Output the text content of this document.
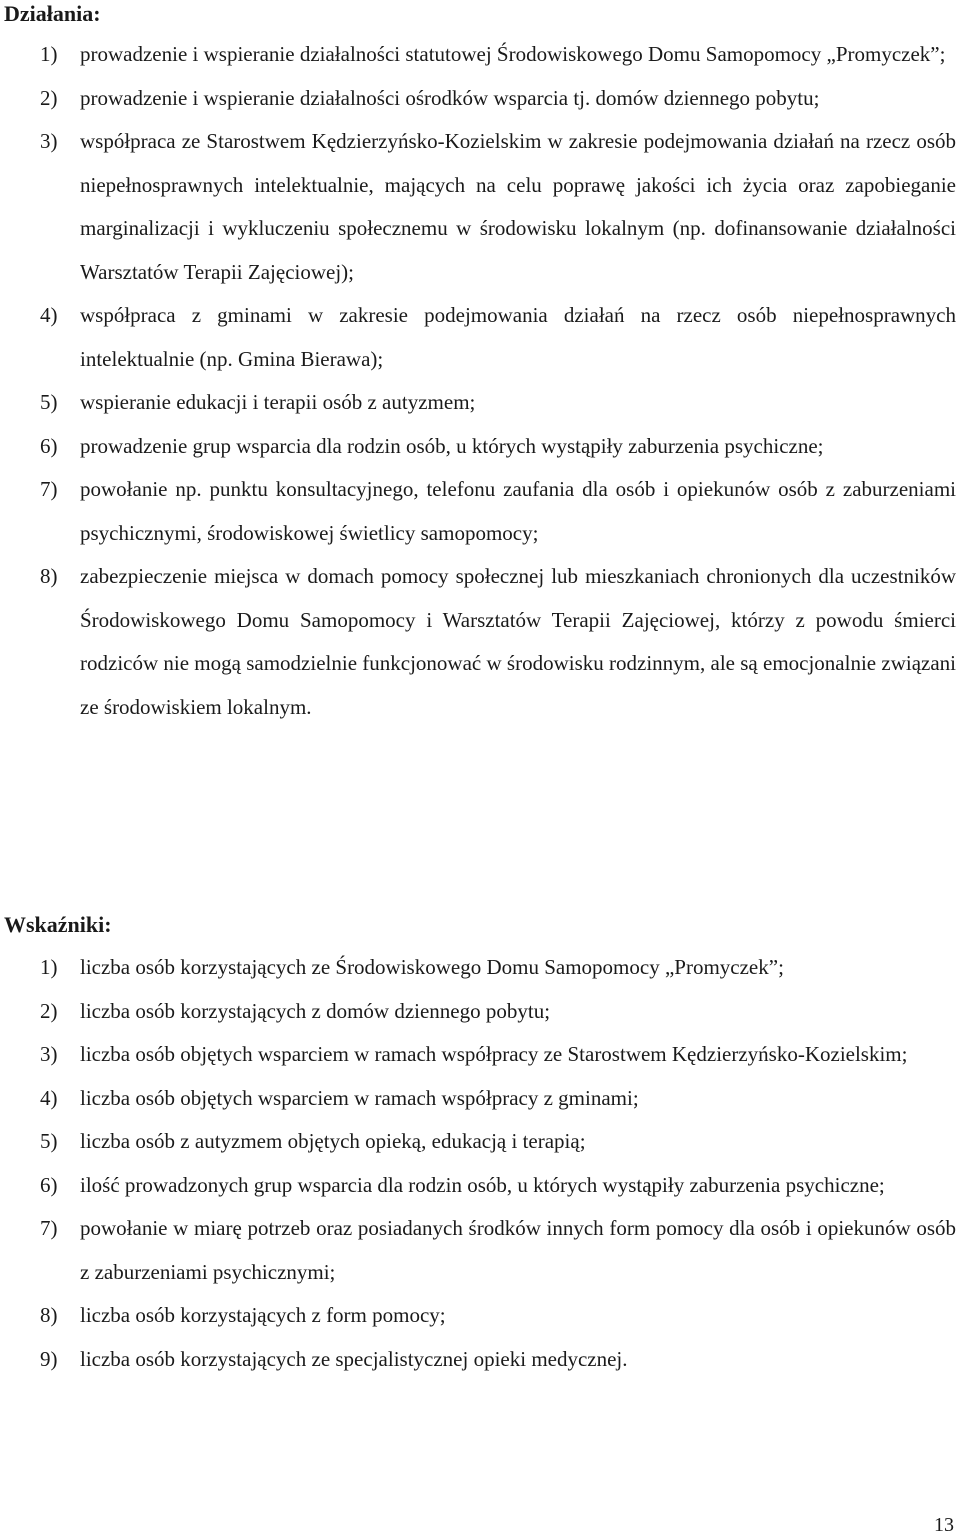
Działania:
1) prowadzenie i wspieranie działalności statutowej Środowiskowego Domu Samopomocy „Promyczek”;
2) prowadzenie i wspieranie działalności ośrodków wsparcia tj. domów dziennego pobytu;
3) współpraca ze Starostwem Kędzierzyńsko-Kozielskim w zakresie podejmowania działań na rzecz osób niepełnosprawnych intelektualnie, mających na celu poprawę jakości ich życia oraz zapobieganie marginalizacji i wykluczeniu społecznemu w środowisku lokalnym (np. dofinansowanie działalności Warsztatów Terapii Zajęciowej);
4) współpraca z gminami w zakresie podejmowania działań na rzecz osób niepełnosprawnych intelektualnie (np. Gmina Bierawa);
5) wspieranie edukacji i terapii osób z autyzmem;
6) prowadzenie grup wsparcia dla rodzin osób, u których wystąpiły zaburzenia psychiczne;
7) powołanie np. punktu konsultacyjnego, telefonu zaufania dla osób i opiekunów osób z zaburzeniami psychicznymi, środowiskowej świetlicy samopomocy;
8) zabezpieczenie miejsca w domach pomocy społecznej lub mieszkaniach chronionych dla uczestników Środowiskowego Domu Samopomocy i Warsztatów Terapii Zajęciowej, którzy z powodu śmierci rodziców nie mogą samodzielnie funkcjonować w środowisku rodzinnym, ale są emocjonalnie związani ze środowiskiem lokalnym.
Wskaźniki:
1) liczba osób korzystających ze Środowiskowego Domu Samopomocy „Promyczek”;
2) liczba osób korzystających z domów dziennego pobytu;
3) liczba osób objętych wsparciem w ramach współpracy ze Starostwem Kędzierzyńsko-Kozielskim;
4) liczba osób objętych wsparciem w ramach współpracy z gminami;
5) liczba osób z autyzmem objętych opieką, edukacją i terapią;
6) ilość prowadzonych grup wsparcia dla rodzin osób, u których wystąpiły zaburzenia psychiczne;
7) powołanie w miarę potrzeb oraz posiadanych środków innych form pomocy dla osób i opiekunów osób z zaburzeniami psychicznymi;
8) liczba osób korzystających z form pomocy;
9) liczba osób korzystających ze specjalistycznej opieki medycznej.
13
